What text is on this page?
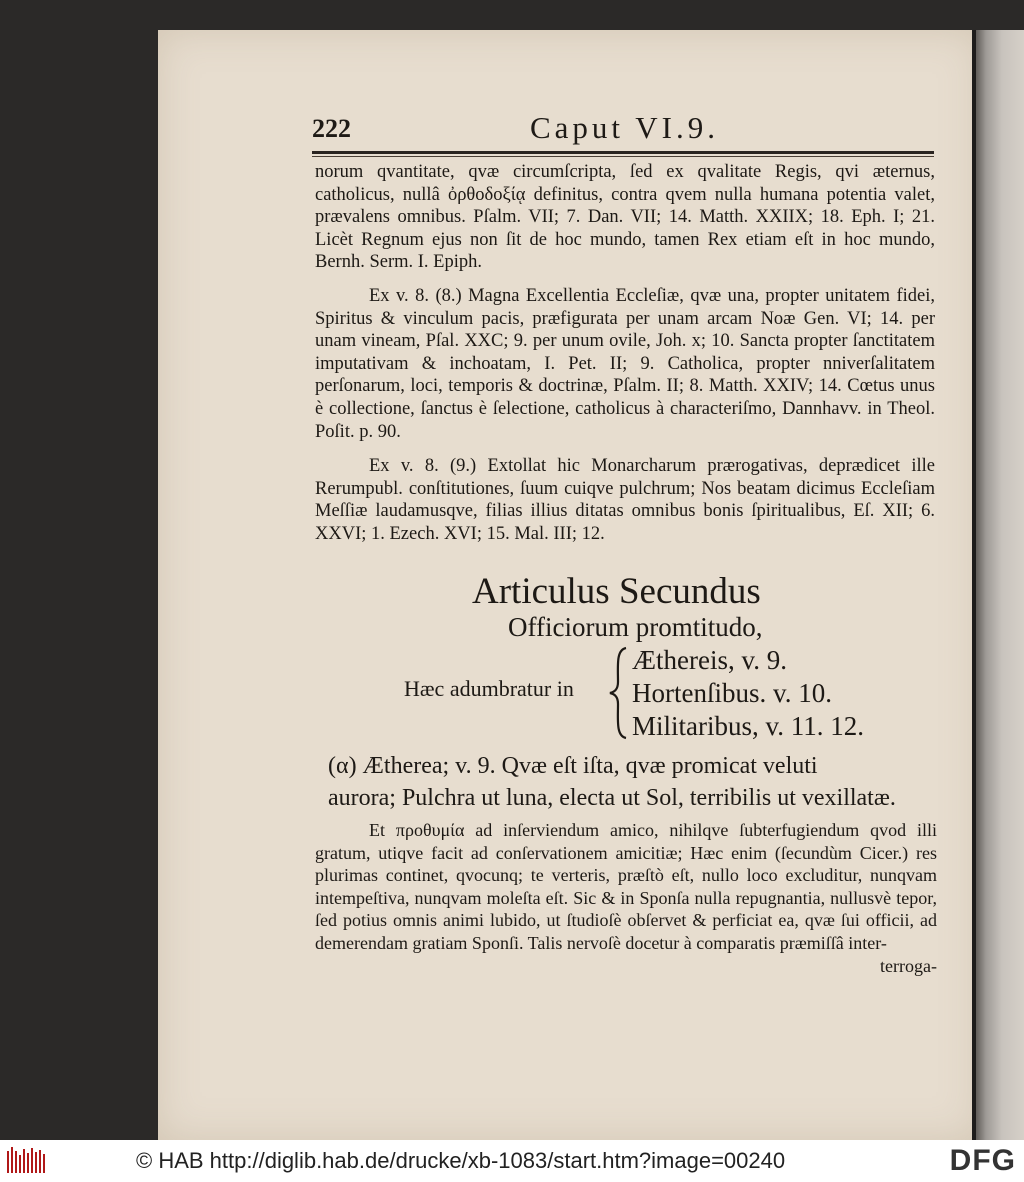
222	Caput VI.9.

norum qvantitate, qvæ circumſcripta, ſed ex qvalitate Regis, qvi æternus, catholicus, nullâ ὀρθοδοξίᾳ definitus, contra qvem nulla humana potentia valet, prævalens omnibus. Pſalm. VII; 7. Dan. VII; 14. Matth. XXIIX; 18. Eph. I; 21. Licèt Regnum ejus non ſit de hoc mundo, tamen Rex etiam eſt in hoc mundo, Bernh. Serm. I. Epiph.

Ex v. 8. (8.) Magna Excellentia Eccleſiæ, qvæ una, propter unitatem fidei, Spiritus & vinculum pacis, præfigurata per unam arcam Noæ Gen. VI; 14. per unam vineam, Pſal. XXC; 9. per unum ovile, Joh. x; 10. Sancta propter ſanctitatem imputativam & inchoatam, I. Pet. II; 9. Catholica, propter nniverſalitatem perſonarum, loci, temporis & doctrinæ, Pſalm. II; 8. Matth. XXIV; 14. Cœtus unus è collectione, ſanctus è ſelectione, catholicus à characteriſmo, Dannhavv. in Theol. Poſit. p. 90.

Ex v. 8. (9.) Extollat hic Monarcharum prærogativas, deprædicet ille Rerumpubl. conſtitutiones, ſuum cuiqve pulchrum; Nos beatam dicimus Eccleſiam Meſſiæ laudamusqve, filias illius ditatas omnibus bonis ſpiritualibus, Eſ. XII; 6. XXVI; 1. Ezech. XVI; 15. Mal. III; 12.

Articulus Secundus
Officiorum promtitudo,
Hæc adumbratur in
Æthereis, v. 9.
Hortenſibus. v. 10.
Militaribus, v. 11. 12.
(α) Ætherea; v. 9. Qvæ eſt iſta, qvæ promicat veluti
aurora; Pulchra ut luna, electa ut Sol, terribilis ut vexillatæ.

Et προθυμία ad inſerviendum amico, nihilqve ſubterfugiendum qvod illi gratum, utiqve facit ad conſervationem amicitiæ; Hæc enim (ſecundùm Cicer.) res plurimas continet, qvocunq; te verteris, præſtò eſt, nullo loco excluditur, nunqvam intempeſtiva, nunqvam moleſta eſt. Sic & in Sponſa nulla repugnantia, nullusvè tepor, ſed potius omnis animi lubido, ut ſtudioſè obſervet & perficiat ea, qvæ ſui officii, ad demerendam gratiam Sponſi. Talis nervoſè docetur à comparatis præmiſſâ inter-

terroga-
© HAB http://diglib.hab.de/drucke/xb-1083/start.htm?image=00240	DFG
